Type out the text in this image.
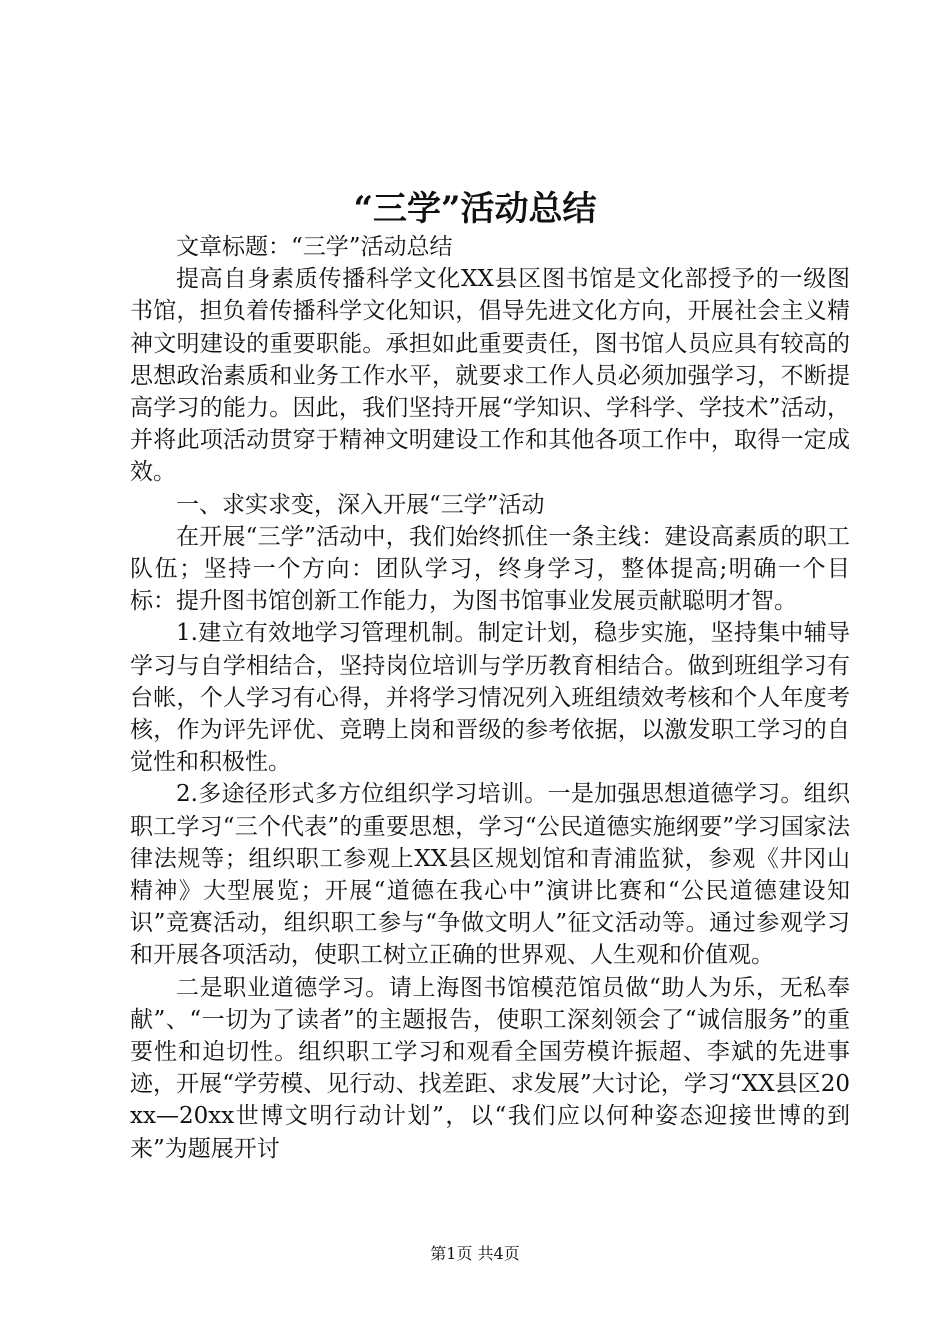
“三学”活动总结

文章标题：“三学”活动总结

提高自身素质传播科学文化XX县区图书馆是文化部授予的一级图书馆，担负着传播科学文化知识，倡导先进文化方向，开展社会主义精神文明建设的重要职能。承担如此重要责任，图书馆人员应具有较高的思想政治素质和业务工作水平，就要求工作人员必须加强学习，不断提高学习的能力。因此，我们坚持开展“学知识、学科学、学技术”活动，并将此项活动贯穿于精神文明建设工作和其他各项工作中，取得一定成效。

一、求实求变，深入开展“三学”活动

在开展“三学”活动中，我们始终抓住一条主线：建设高素质的职工队伍；坚持一个方向：团队学习，终身学习，整体提高;明确一个目标：提升图书馆创新工作能力，为图书馆事业发展贡献聪明才智。

1.建立有效地学习管理机制。制定计划，稳步实施，坚持集中辅导学习与自学相结合，坚持岗位培训与学历教育相结合。做到班组学习有台帐，个人学习有心得，并将学习情况列入班组绩效考核和个人年度考核，作为评先评优、竞聘上岗和晋级的参考依据，以激发职工学习的自觉性和积极性。

2.多途径形式多方位组织学习培训。一是加强思想道德学习。组织职工学习“三个代表”的重要思想，学习“公民道德实施纲要”学习国家法律法规等；组织职工参观上XX县区规划馆和青浦监狱，参观《井冈山精神》大型展览；开展“道德在我心中”演讲比赛和“公民道德建设知识”竞赛活动，组织职工参与“争做文明人”征文活动等。通过参观学习和开展各项活动，使职工树立正确的世界观、人生观和价值观。

二是职业道德学习。请上海图书馆模范馆员做“助人为乐，无私奉献”、“一切为了读者”的主题报告，使职工深刻领会了“诚信服务”的重要性和迫切性。组织职工学习和观看全国劳模许振超、李斌的先进事迹，开展“学劳模、见行动、找差距、求发展”大讨论，学习“XX县区20xx—20xx世博文明行动计划”，以“我们应以何种姿态迎接世博的到来”为题展开讨

第1页 共4页
